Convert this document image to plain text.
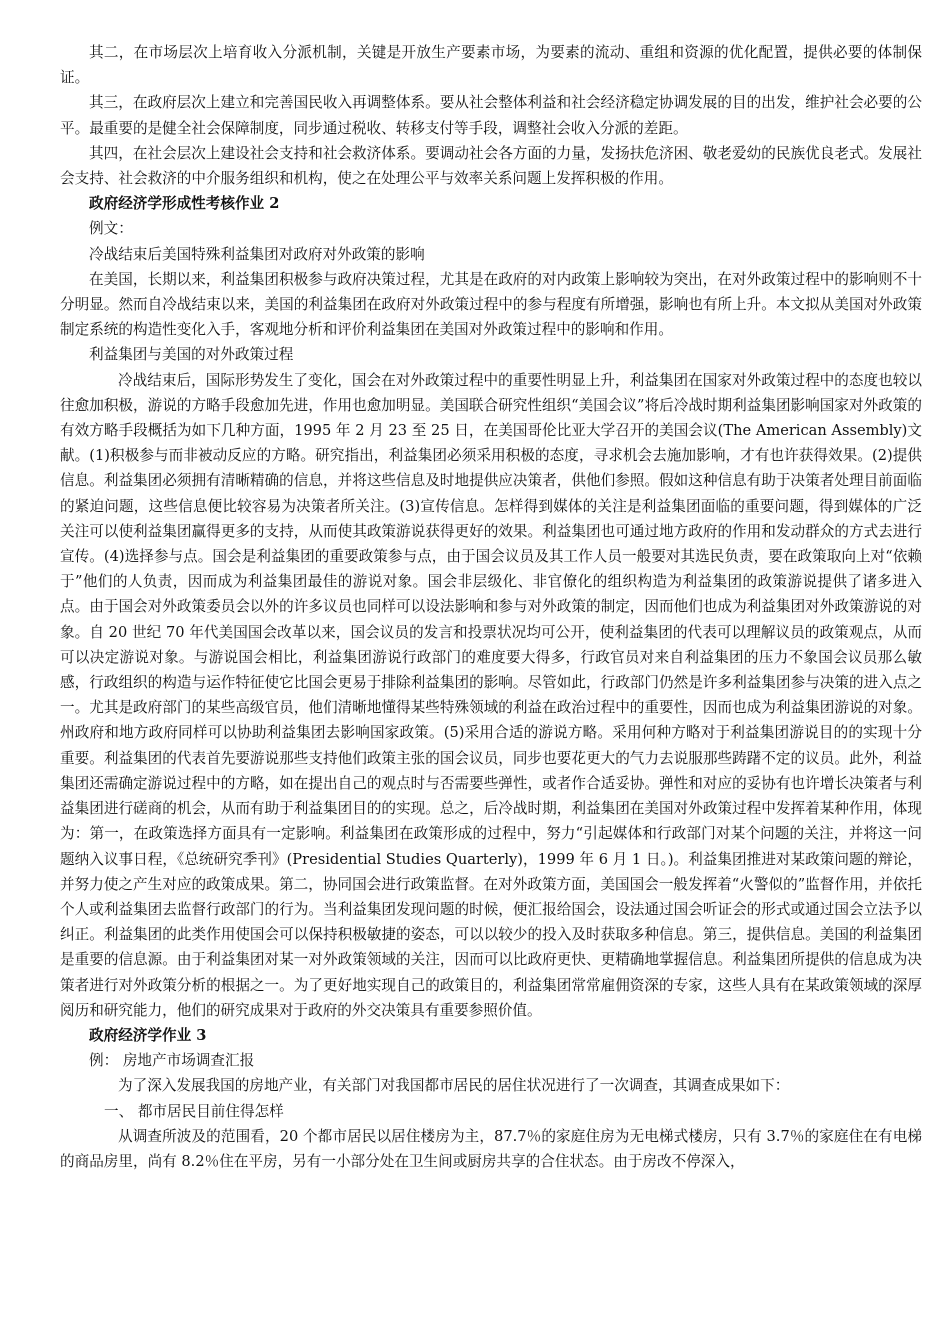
其二，在市场层次上培育收入分派机制，关键是开放生产要素市场，为要素的流动、重组和资源的优化配置，提供必要的体制保证。

其三，在政府层次上建立和完善国民收入再调整体系。要从社会整体利益和社会经济稳定协调发展的目的出发，维护社会必要的公平。最重要的是健全社会保障制度，同步通过税收、转移支付等手段，调整社会收入分派的差距。

其四，在社会层次上建设社会支持和社会救济体系。要调动社会各方面的力量，发扬扶危济困、敬老爱幼的民族优良老式。发展社会支持、社会救济的中介服务组织和机构，使之在处理公平与效率关系问题上发挥积极的作用。

政府经济学形成性考核作业 2

例文：

冷战结束后美国特殊利益集团对政府对外政策的影响

在美国，长期以来，利益集团积极参与政府决策过程，尤其是在政府的对内政策上影响较为突出，在对外政策过程中的影响则不十分明显。然而自冷战结束以来，美国的利益集团在政府对外政策过程中的参与程度有所增强，影响也有所上升。本文拟从美国对外政策制定系统的构造性变化入手，客观地分析和评价利益集团在美国对外政策过程中的影响和作用。

利益集团与美国的对外政策过程

冷战结束后，国际形势发生了变化，国会在对外政策过程中的重要性明显上升，利益集团在国家对外政策过程中的态度也较以往愈加积极，游说的方略手段愈加先进，作用也愈加明显。美国联合研究性组织“美国会议”将后冷战时期利益集团影响国家对外政策的有效方略手段概括为如下几种方面，1995 年 2 月 23 至 25 日，在美国哥伦比亚大学召开的美国会议(The American Assembly)文献。(1)积极参与而非被动反应的方略。研究指出，利益集团必须采用积极的态度，寻求机会去施加影响，才有也许获得效果。(2)提供信息。利益集团必须拥有清晰精确的信息，并将这些信息及时地提供应决策者，供他们参照。假如这种信息有助于决策者处理目前面临的紧迫问题，这些信息便比较容易为决策者所关注。(3)宣传信息。怎样得到媒体的关注是利益集团面临的重要问题，得到媒体的广泛关注可以使利益集团赢得更多的支持，从而使其政策游说获得更好的效果。利益集团也可通过地方政府的作用和发动群众的方式去进行宣传。(4)选择参与点。国会是利益集团的重要政策参与点，由于国会议员及其工作人员一般要对其选民负责，要在政策取向上对“依赖于”他们的人负责，因而成为利益集团最佳的游说对象。国会非层级化、非官僚化的组织构造为利益集团的政策游说提供了诸多进入点。由于国会对外政策委员会以外的许多议员也同样可以设法影响和参与对外政策的制定，因而他们也成为利益集团对外政策游说的对象。自 20 世纪 70 年代美国国会改革以来，国会议员的发言和投票状况均可公开，使利益集团的代表可以理解议员的政策观点，从而可以决定游说对象。与游说国会相比，利益集团游说行政部门的难度要大得多，行政官员对来自利益集团的压力不象国会议员那么敏感，行政组织的构造与运作特征使它比国会更易于排除利益集团的影响。尽管如此，行政部门仍然是许多利益集团参与决策的进入点之一。尤其是政府部门的某些高级官员，他们清晰地懂得某些特殊领域的利益在政治过程中的重要性，因而也成为利益集团游说的对象。州政府和地方政府同样可以协助利益集团去影响国家政策。(5)采用合适的游说方略。采用何种方略对于利益集团游说目的的实现十分重要。利益集团的代表首先要游说那些支持他们政策主张的国会议员，同步也要花更大的气力去说服那些踌躇不定的议员。此外，利益集团还需确定游说过程中的方略，如在提出自己的观点时与否需要些弹性，或者作合适妥协。弹性和对应的妥协有也许增长决策者与利益集团进行磋商的机会，从而有助于利益集团目的的实现。总之，后冷战时期，利益集团在美国对外政策过程中发挥着某种作用，体现为：第一，在政策选择方面具有一定影响。利益集团在政策形成的过程中，努力“引起媒体和行政部门对某个问题的关注，并将这一问题纳入议事日程，《总统研究季刊》(Presidential Studies Quarterly)，1999 年 6 月 1 日。)。利益集团推进对某政策问题的辩论，并努力使之产生对应的政策成果。第二，协同国会进行政策监督。在对外政策方面，美国国会一般发挥着“火警似的”监督作用，并依托个人或利益集团去监督行政部门的行为。当利益集团发现问题的时候，便汇报给国会，设法通过国会听证会的形式或通过国会立法予以纠正。利益集团的此类作用使国会可以保持积极敏捷的姿态，可以以较少的投入及时获取多种信息。第三，提供信息。美国的利益集团是重要的信息源。由于利益集团对某一对外政策领域的关注，因而可以比政府更快、更精确地掌握信息。利益集团所提供的信息成为决策者进行对外政策分析的根据之一。为了更好地实现自己的政策目的，利益集团常常雇佣资深的专家，这些人具有在某政策领域的深厚阅历和研究能力，他们的研究成果对于政府的外交决策具有重要参照价值。

政府经济学作业 3

例： 房地产市场调查汇报

为了深入发展我国的房地产业，有关部门对我国都市居民的居住状况进行了一次调查，其调查成果如下：

一、 都市居民目前住得怎样

从调查所波及的范围看，20 个都市居民以居住楼房为主，87.7％的家庭住房为无电梯式楼房，只有 3.7％的家庭住在有电梯的商品房里，尚有 8.2％住在平房，另有一小部分处在卫生间或厨房共享的合住状态。由于房改不停深入，
